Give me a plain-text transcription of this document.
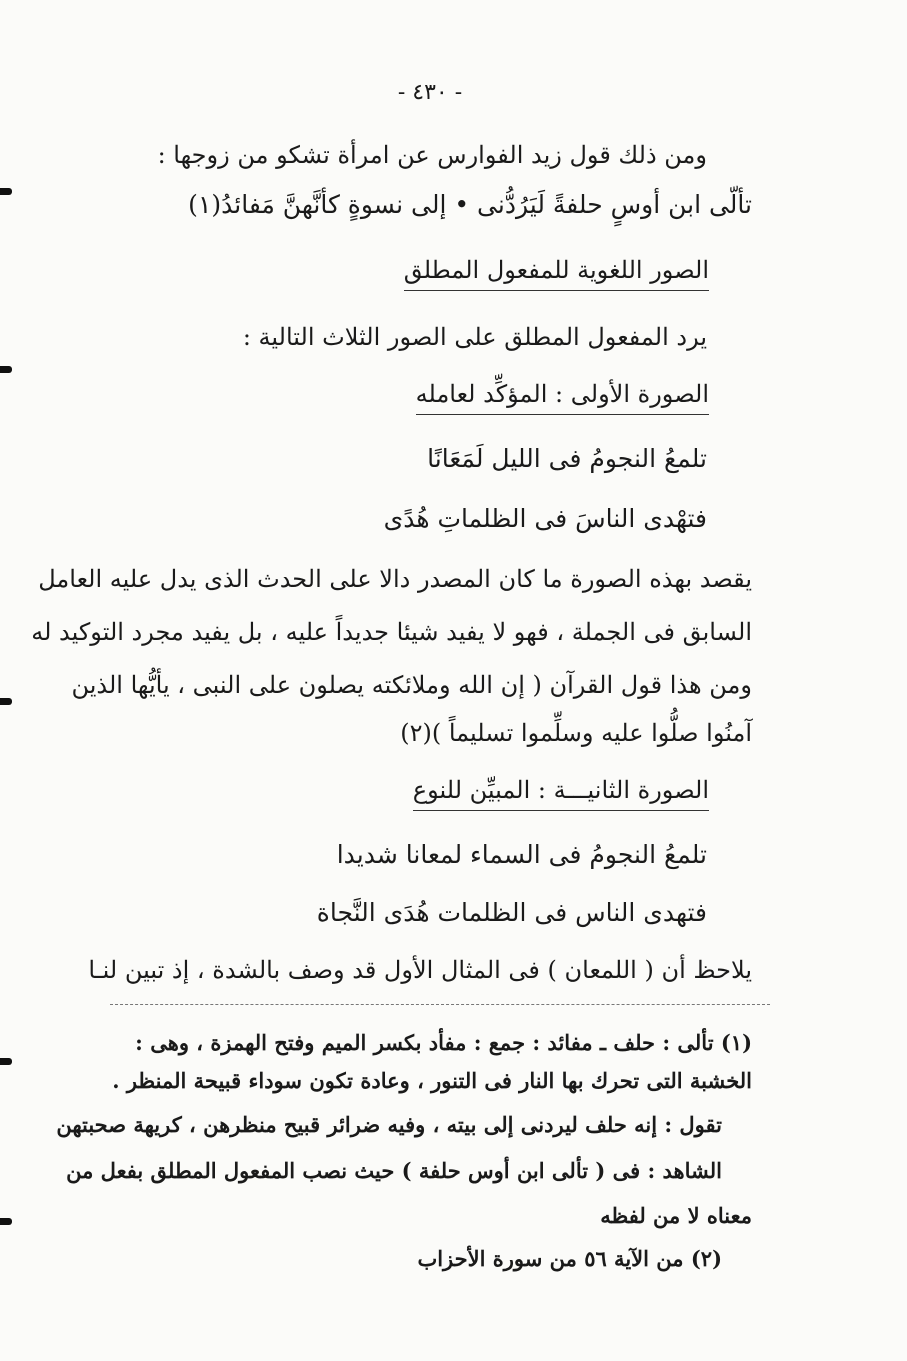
- ٤٣٠ -
ومن ذلك قول زيد الفوارس عن امرأة تشكو من زوجها :
تألّى ابن أوسٍ حلفةً لَيَرُدُّنى • إلى نسوةٍ كأنَّهنَّ مَفائدُ(١)
الصور اللغوية للمفعول المطلق
يرد المفعول المطلق على الصور الثلاث التالية :
الصورة الأولى : المؤكِّد لعامله
تلمعُ النجومُ فى الليل لَمَعَانًا
فتهْدى الناسَ فى الظلماتِ هُدًى
يقصد بهذه الصورة ما كان المصدر دالا على الحدث الذى يدل عليه العامل
السابق فى الجملة ، فهو لا يفيد شيئا جديداً عليه ، بل يفيد مجرد التوكيد له
ومن هذا قول القرآن ( إن الله وملائكته يصلون على النبى ، يأيُّها الذين
آمنُوا صلُّوا عليه وسلِّموا تسليماً )(٢)
الصورة الثانيـــة : المبيِّن للنوع
تلمعُ النجومُ فى السماء لمعانا شديدا
فتهدى الناس فى الظلمات هُدَى النَّجاة
يلاحظ أن ( اللمعان ) فى المثال الأول قد وصف بالشدة ، إذ تبين لنـا
(١) تألى : حلف ـ مفائد : جمع : مفأد بكسر الميم وفتح الهمزة ، وهى :
الخشبة التى تحرك بها النار فى التنور ، وعادة تكون سوداء قبيحة المنظر .
تقول : إنه حلف ليردنى إلى بيته ، وفيه ضرائر قبيح منظرهن ، كريهة صحبتهن
الشاهد : فى ( تألى ابن أوس حلفة ) حيث نصب المفعول المطلق بفعل من
معناه لا من لفظه
(٢) من الآية ٥٦ من سورة الأحزاب
